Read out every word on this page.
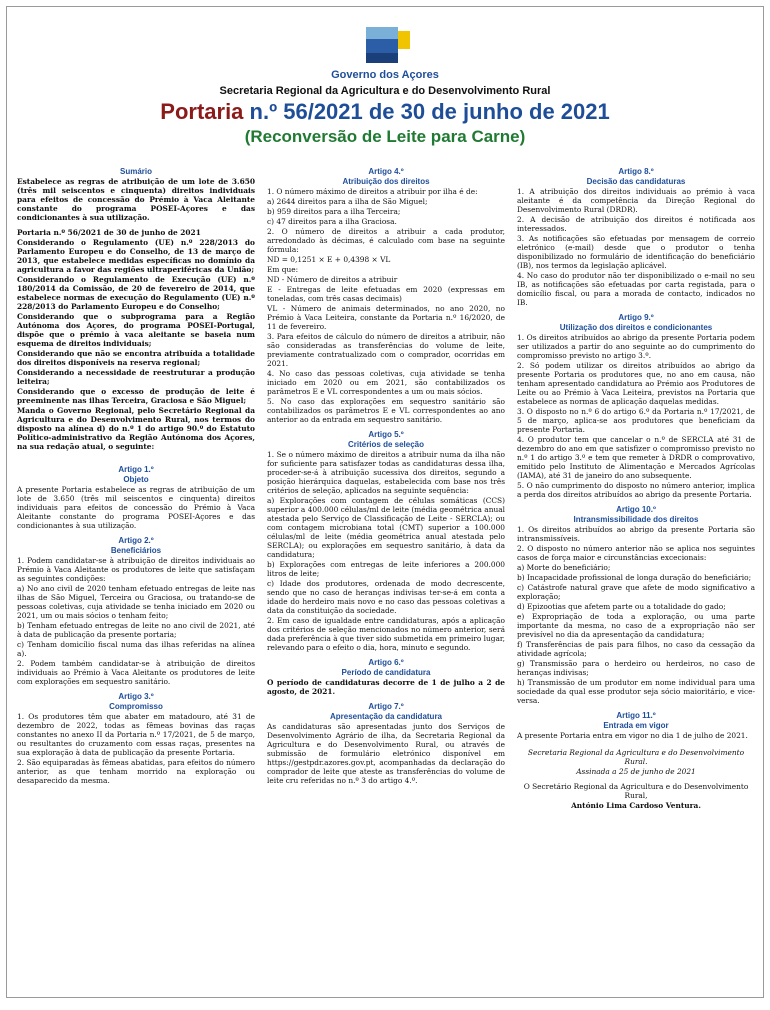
Governo dos Açores
Secretaria Regional da Agricultura e do Desenvolvimento Rural
Portaria n.º 56/2021 de 30 de junho de 2021
(Reconversão de Leite para Carne)
Sumário

Estabelece as regras de atribuição de um lote de 3.650 (três mil seiscentos e cinquenta) direitos individuais para efeitos de concessão do Prémio à Vaca Aleitante constante do programa POSEI-Açores e das condicionantes à sua utilização.

Portaria n.º 56/2021 de 30 de junho de 2021

Considerando o Regulamento (UE) n.º 228/2013 do Parlamento Europeu e do Conselho, de 13 de março de 2013, que estabelece medidas específicas no domínio da agricultura a favor das regiões ultraperiféricas da União;

Considerando o Regulamento de Execução (UE) n.º 180/2014 da Comissão, de 20 de fevereiro de 2014, que estabelece normas de execução do Regulamento (UE) n.º 228/2013 do Parlamento Europeu e do Conselho;

Considerando que o subprograma para a Região Autónoma dos Açores, do programa POSEI-Portugal, dispõe que o prémio à vaca aleitante se baseia num esquema de direitos individuais;

Considerando que não se encontra atribuída a totalidade dos direitos disponíveis na reserva regional;

Considerando a necessidade de reestruturar a produção leiteira;

Considerando que o excesso de produção de leite é preeminente nas ilhas Terceira, Graciosa e São Miguel;

Manda o Governo Regional, pelo Secretário Regional da Agricultura e do Desenvolvimento Rural, nos termos do disposto na alínea d) do n.º 1 do artigo 90.º do Estatuto Político-administrativo da Região Autónoma dos Açores, na sua redação atual, o seguinte:

Artigo 1.º
Objeto

A presente Portaria estabelece as regras de atribuição de um lote de 3.650 (três mil seiscentos e cinquenta) direitos individuais para efeitos de concessão do Prémio à Vaca Aleitante constante do programa POSEI-Açores e das condicionantes à sua utilização.

Artigo 2.º
Beneficiários

1. Podem candidatar-se à atribuição de direitos individuais ao Prémio à Vaca Aleitante os produtores de leite que satisfaçam as seguintes condições:

a) No ano civil de 2020 tenham efetuado entregas de leite nas ilhas de São Miguel, Terceira ou Graciosa, ou tratando-se de pessoas coletivas, cuja atividade se tenha iniciado em 2020 ou 2021, um ou mais sócios o tenham feito;

b) Tenham efetuado entregas de leite no ano civil de 2021, até à data de publicação da presente portaria;

c) Tenham domicílio fiscal numa das ilhas referidas na alínea a).

2. Podem também candidatar-se à atribuição de direitos individuais ao Prémio à Vaca Aleitante os produtores de leite com explorações em sequestro sanitário.

Artigo 3.º
Compromisso

1. Os produtores têm que abater em matadouro, até 31 de dezembro de 2022, todas as fêmeas bovinas das raças constantes no anexo II da Portaria n.º 17/2021, de 5 de março, ou resultantes do cruzamento com essas raças, presentes na sua exploração à data de publicação da presente Portaria.

2. São equiparadas às fêmeas abatidas, para efeitos do número anterior, as que tenham morrido na exploração ou desaparecido da mesma.

Artigo 4.º
Atribuição dos direitos

1. O número máximo de direitos a atribuir por ilha é de:

a) 2644 direitos para a ilha de São Miguel;

b) 959 direitos para a ilha Terceira;

c) 47 direitos para a ilha Graciosa.

2. O número de direitos a atribuir a cada produtor, arredondado às décimas, é calculado com base na seguinte fórmula:

ND = 0,1251 × E + 0,4398 × VL

Em que:

ND - Número de direitos a atribuir

E - Entregas de leite efetuadas em 2020 (expressas em toneladas, com três casas decimais)

VL - Número de animais determinados, no ano 2020, no Prémio à Vaca Leiteira, constante da Portaria n.º 16/2020, de 11 de fevereiro.

3. Para efeitos de cálculo do número de direitos a atribuir, não são consideradas as transferências do volume de leite, previamente contratualizado com o comprador, ocorridas em 2021.

4. No caso das pessoas coletivas, cuja atividade se tenha iniciado em 2020 ou em 2021, são contabilizados os parâmetros E e VL correspondentes a um ou mais sócios.

5. No caso das explorações em sequestro sanitário são contabilizados os parâmetros E e VL correspondentes ao ano anterior ao da entrada em sequestro sanitário.

Artigo 5.º
Critérios de seleção

1. Se o número máximo de direitos a atribuir numa da ilha não for suficiente para satisfazer todas as candidaturas dessa ilha, proceder-se-á à atribuição sucessiva dos direitos, segundo a posição hierárquica daquelas, estabelecida com base nos três critérios de seleção, aplicados na seguinte sequência:

a) Explorações com contagem de células somáticas (CCS) superior a 400.000 células/ml de leite (média geométrica anual atestada pelo Serviço de Classificação de Leite - SERCLA); ou com contagem microbiana total (CMT) superior a 100.000 células/ml de leite (média geométrica anual atestada pelo SERCLA); ou explorações em sequestro sanitário, à data da candidatura;

b) Explorações com entregas de leite inferiores a 200.000 litros de leite;

c) Idade dos produtores, ordenada de modo decrescente, sendo que no caso de heranças indivisas ter-se-á em conta a idade do herdeiro mais novo e no caso das pessoas coletivas a data da constituição da sociedade.

2. Em caso de igualdade entre candidaturas, após a aplicação dos critérios de seleção mencionados no número anterior, será dada preferência à que tiver sido submetida em primeiro lugar, relevando para o efeito o dia, hora, minuto e segundo.

Artigo 6.º
Período de candidatura

O período de candidaturas decorre de 1 de julho a 2 de agosto, de 2021.

Artigo 7.º
Apresentação da candidatura

As candidaturas são apresentadas junto dos Serviços de Desenvolvimento Agrário de ilha, da Secretaria Regional da Agricultura e do Desenvolvimento Rural, ou através de submissão de formulário eletrónico disponível em https://gestpdr.azores.gov.pt, acompanhadas da declaração do comprador de leite que ateste as transferências do volume de leite cru referidas no n.º 3 do artigo 4.º.

Artigo 8.º
Decisão das candidaturas

1. A atribuição dos direitos individuais ao prémio à vaca aleitante é da competência da Direção Regional do Desenvolvimento Rural (DRDR).

2. A decisão de atribuição dos direitos é notificada aos interessados.

3. As notificações são efetuadas por mensagem de correio eletrónico (e-mail) desde que o produtor o tenha disponibilizado no formulário de identificação do beneficiário (IB), nos termos da legislação aplicável.

4. No caso do produtor não ter disponibilizado o e-mail no seu IB, as notificações são efetuadas por carta registada, para o domicílio fiscal, ou para a morada de contacto, indicados no IB.

Artigo 9.º
Utilização dos direitos e condicionantes

1. Os direitos atribuídos ao abrigo da presente Portaria podem ser utilizados a partir do ano seguinte ao do cumprimento do compromisso previsto no artigo 3.º.

2. Só podem utilizar os direitos atribuídos ao abrigo da presente Portaria os produtores que, no ano em causa, não tenham apresentado candidatura ao Prémio aos Produtores de Leite ou ao Prémio à Vaca Leiteira, previstos na Portaria que estabelece as normas de aplicação daquelas medidas.

3. O disposto no n.º 6 do artigo 6.º da Portaria n.º 17/2021, de 5 de março, aplica-se aos produtores que beneficiam da presente Portaria.

4. O produtor tem que cancelar o n.º de SERCLA até 31 de dezembro do ano em que satisfizer o compromisso previsto no n.º 1 do artigo 3.º e tem que remeter à DRDR o comprovativo, emitido pelo Instituto de Alimentação e Mercados Agrícolas (IAMA), até 31 de janeiro do ano subsequente.

5. O não cumprimento do disposto no número anterior, implica a perda dos direitos atribuídos ao abrigo da presente Portaria.

Artigo 10.º
Intransmissibilidade dos direitos

1. Os direitos atribuídos ao abrigo da presente Portaria são intransmissíveis.

2. O disposto no número anterior não se aplica nos seguintes casos de força maior e circunstâncias excecionais:

a) Morte do beneficiário;

b) Incapacidade profissional de longa duração do beneficiário;

c) Catástrofe natural grave que afete de modo significativo a exploração;

d) Epizootias que afetem parte ou a totalidade do gado;

e) Expropriação de toda a exploração, ou uma parte importante da mesma, no caso de a expropriação não ser previsível no dia da apresentação da candidatura;

f) Transferências de pais para filhos, no caso da cessação da atividade agrícola;

g) Transmissão para o herdeiro ou herdeiros, no caso de heranças indivisas;

h) Transmissão de um produtor em nome individual para uma sociedade da qual esse produtor seja sócio maioritário, e vice-versa.

Artigo 11.º
Entrada em vigor

A presente Portaria entra em vigor no dia 1 de julho de 2021.

Secretaria Regional da Agricultura e do Desenvolvimento Rural.

Assinada a 25 de junho de 2021

O Secretário Regional da Agricultura e do Desenvolvimento Rural,

António Lima Cardoso Ventura.
